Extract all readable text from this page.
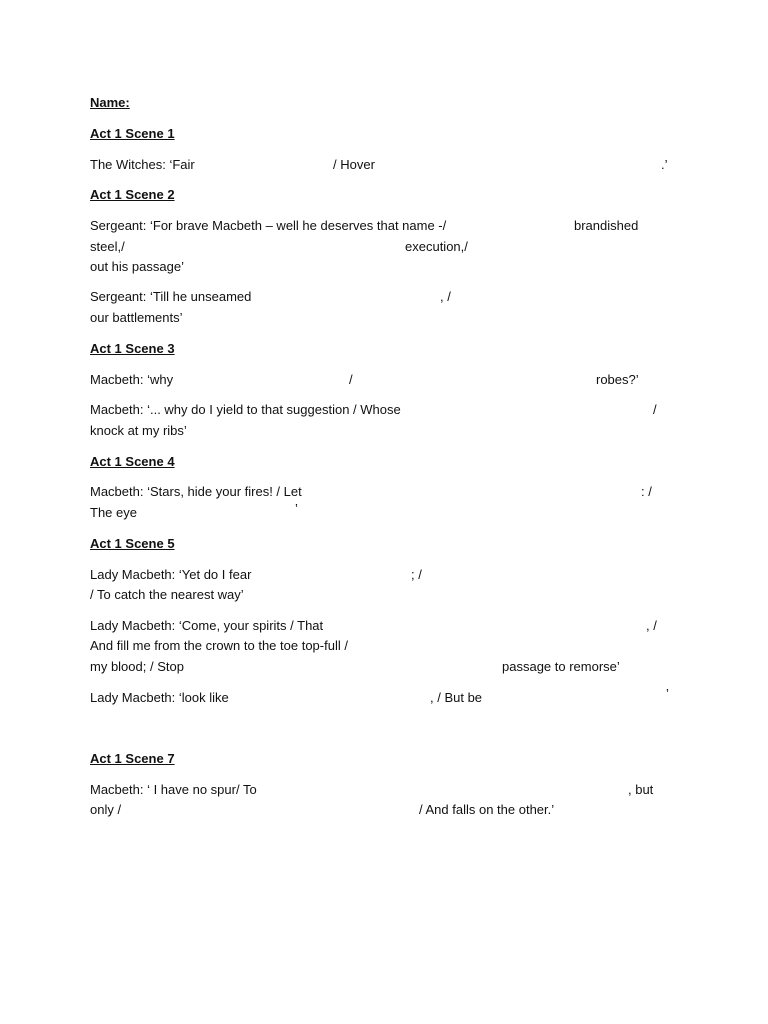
Name:
Act 1 Scene 1
The Witches: ‘Fair	/ Hover	.’
Act 1 Scene 2
Sergeant: ‘For brave Macbeth – well he deserves that name -/	brandished
steel,/	execution,/
out his passage’
Sergeant: ‘Till he unseamed	, /
our battlements’
Act 1 Scene 3
Macbeth: ‘why	/	robes?’
Macbeth: ‘... why do I yield to that suggestion / Whose	/
knock at my ribs’
Act 1 Scene 4
Macbeth: ‘Stars, hide your fires! / Let	: /
The eye	’
Act 1 Scene 5
Lady Macbeth: ‘Yet do I fear	; /
/ To catch the nearest way’
Lady Macbeth: ‘Come, your spirits / That	, /
And fill me from the crown to the toe top-full /
my blood; / Stop	passage to remorse’
Lady Macbeth: ‘look like	, / But be	’
Act 1 Scene 7
Macbeth: ‘ I have no spur/ To	, but
only /	/ And falls on the other.’
